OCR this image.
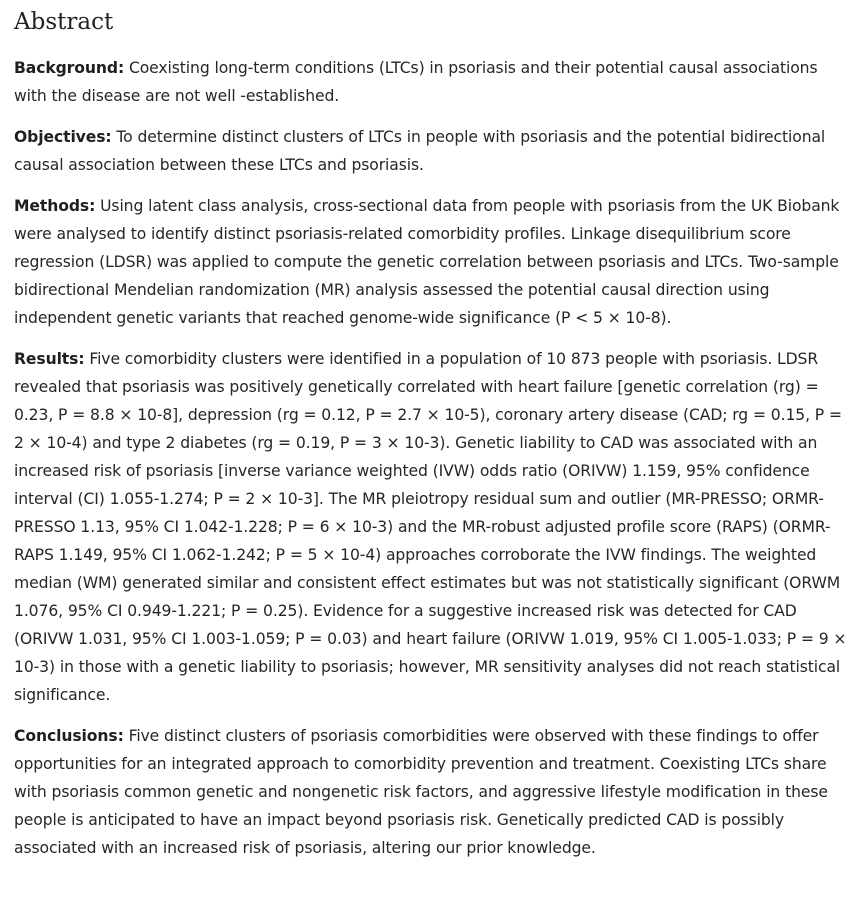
Abstract

Background: Coexisting long-term conditions (LTCs) in psoriasis and their potential causal associations with the disease are not well -established.

Objectives: To determine distinct clusters of LTCs in people with psoriasis and the potential bidirectional causal association between these LTCs and psoriasis.

Methods: Using latent class analysis, cross-sectional data from people with psoriasis from the UK Biobank were analysed to identify distinct psoriasis-related comorbidity profiles. Linkage disequilibrium score regression (LDSR) was applied to compute the genetic correlation between psoriasis and LTCs. Two-sample bidirectional Mendelian randomization (MR) analysis assessed the potential causal direction using independent genetic variants that reached genome-wide significance (P < 5 × 10-8).

Results: Five comorbidity clusters were identified in a population of 10 873 people with psoriasis. LDSR revealed that psoriasis was positively genetically correlated with heart failure [genetic correlation (rg) = 0.23, P = 8.8 × 10-8], depression (rg = 0.12, P = 2.7 × 10-5), coronary artery disease (CAD; rg = 0.15, P = 2 × 10-4) and type 2 diabetes (rg = 0.19, P = 3 × 10-3). Genetic liability to CAD was associated with an increased risk of psoriasis [inverse variance weighted (IVW) odds ratio (ORIVW) 1.159, 95% confidence interval (CI) 1.055-1.274; P = 2 × 10-3]. The MR pleiotropy residual sum and outlier (MR-PRESSO; ORMR-PRESSO 1.13, 95% CI 1.042-1.228; P = 6 × 10-3) and the MR-robust adjusted profile score (RAPS) (ORMR-RAPS 1.149, 95% CI 1.062-1.242; P = 5 × 10-4) approaches corroborate the IVW findings. The weighted median (WM) generated similar and consistent effect estimates but was not statistically significant (ORWM 1.076, 95% CI 0.949-1.221; P = 0.25). Evidence for a suggestive increased risk was detected for CAD (ORIVW 1.031, 95% CI 1.003-1.059; P = 0.03) and heart failure (ORIVW 1.019, 95% CI 1.005-1.033; P = 9 × 10-3) in those with a genetic liability to psoriasis; however, MR sensitivity analyses did not reach statistical significance.

Conclusions: Five distinct clusters of psoriasis comorbidities were observed with these findings to offer opportunities for an integrated approach to comorbidity prevention and treatment. Coexisting LTCs share with psoriasis common genetic and nongenetic risk factors, and aggressive lifestyle modification in these people is anticipated to have an impact beyond psoriasis risk. Genetically predicted CAD is possibly associated with an increased risk of psoriasis, altering our prior knowledge.
